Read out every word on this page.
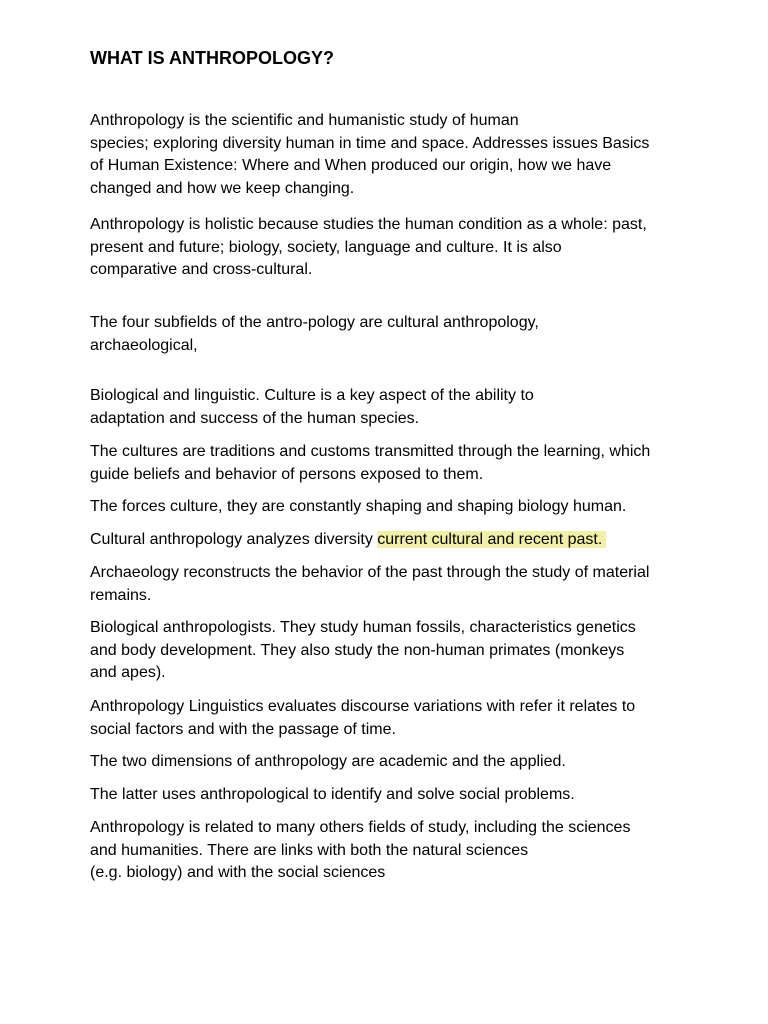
WHAT IS ANTHROPOLOGY?

Anthropology is the scientific and humanistic study of human
species; exploring diversity human in time and space. Addresses issues Basics
of Human Existence: Where and When produced our origin, how we have
changed and how we keep changing.

Anthropology is holistic because studies the human condition as a whole: past,
present and future; biology, society, language and culture. It is also
comparative and cross-cultural.

The four subfields of the antro-pology are cultural anthropology,
archaeological,

Biological and linguistic. Culture is a key aspect of the ability to
adaptation and success of the human species.

The cultures are traditions and customs transmitted through the learning, which
guide beliefs and behavior of persons exposed to them.

The forces culture, they are constantly shaping and shaping biology human.

Cultural anthropology analyzes diversity current cultural and recent past.

Archaeology reconstructs the behavior of the past through the study of material
remains.

Biological anthropologists. They study human fossils, characteristics genetics
and body development. They also study the non-human primates (monkeys
and apes).

Anthropology Linguistics evaluates discourse variations with refer it relates to
social factors and with the passage of time.

The two dimensions of anthropology are academic and the applied.

The latter uses anthropological to identify and solve social problems.

Anthropology is related to many others fields of study, including the sciences
and humanities. There are links with both the natural sciences
(e.g. biology) and with the social sciences
